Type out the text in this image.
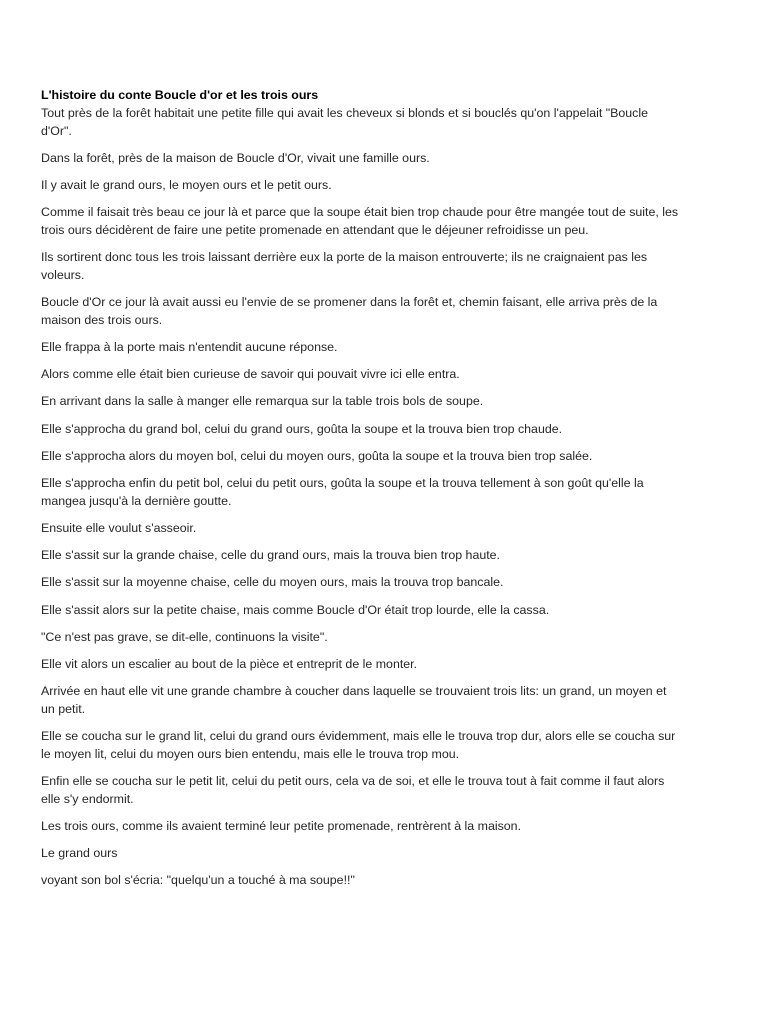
L'histoire du conte Boucle d'or et les trois ours

Tout près de la forêt habitait une petite fille qui avait les cheveux si blonds et si bouclés qu'on l'appelait "Boucle d'Or".

Dans la forêt, près de la maison de Boucle d'Or, vivait une famille ours.

Il y avait le grand ours, le moyen ours et le petit ours.

Comme il faisait très beau ce jour là et parce que la soupe était bien trop chaude pour être mangée tout de suite, les trois ours décidèrent de faire une petite promenade en attendant que le déjeuner refroidisse un peu.

Ils sortirent donc tous les trois laissant derrière eux la porte de la maison entrouverte; ils ne craignaient pas les voleurs.

Boucle d'Or ce jour là avait aussi eu l'envie de se promener dans la forêt et, chemin faisant, elle arriva près de la maison des trois ours.

Elle frappa à la porte mais n'entendit aucune réponse.

Alors comme elle était bien curieuse de savoir qui pouvait vivre ici elle entra.

En arrivant dans la salle à manger elle remarqua sur la table trois bols de soupe.

Elle s'approcha du grand bol, celui du grand ours, goûta la soupe et la trouva bien trop chaude.

Elle s'approcha alors du moyen bol, celui du moyen ours, goûta la soupe et la trouva bien trop salée.

Elle s'approcha enfin du petit bol, celui du petit ours, goûta la soupe et la trouva tellement à son goût qu'elle la mangea jusqu'à la dernière goutte.

Ensuite elle voulut s'asseoir.

Elle s'assit sur la grande chaise, celle du grand ours, mais la trouva bien trop haute.

Elle s'assit sur la moyenne chaise, celle du moyen ours, mais la trouva trop bancale.

Elle s'assit alors sur la petite chaise, mais comme Boucle d'Or était trop lourde, elle la cassa.

"Ce n'est pas grave, se dit-elle, continuons la visite".

Elle vit alors un escalier au bout de la pièce et entreprit de le monter.

Arrivée en haut elle vit une grande chambre à coucher dans laquelle se trouvaient trois lits: un grand, un moyen et un petit.

Elle se coucha sur le grand lit, celui du grand ours évidemment, mais elle le trouva trop dur, alors elle se coucha sur le moyen lit, celui du moyen ours bien entendu, mais elle le trouva trop mou.

Enfin elle se coucha sur le petit lit, celui du petit ours, cela va de soi, et elle le trouva tout à fait comme il faut alors elle s'y endormit.

Les trois ours, comme ils avaient terminé leur petite promenade, rentrèrent à la maison.

Le grand ours

voyant son bol s'écria: "quelqu'un a touché à ma soupe!!"
